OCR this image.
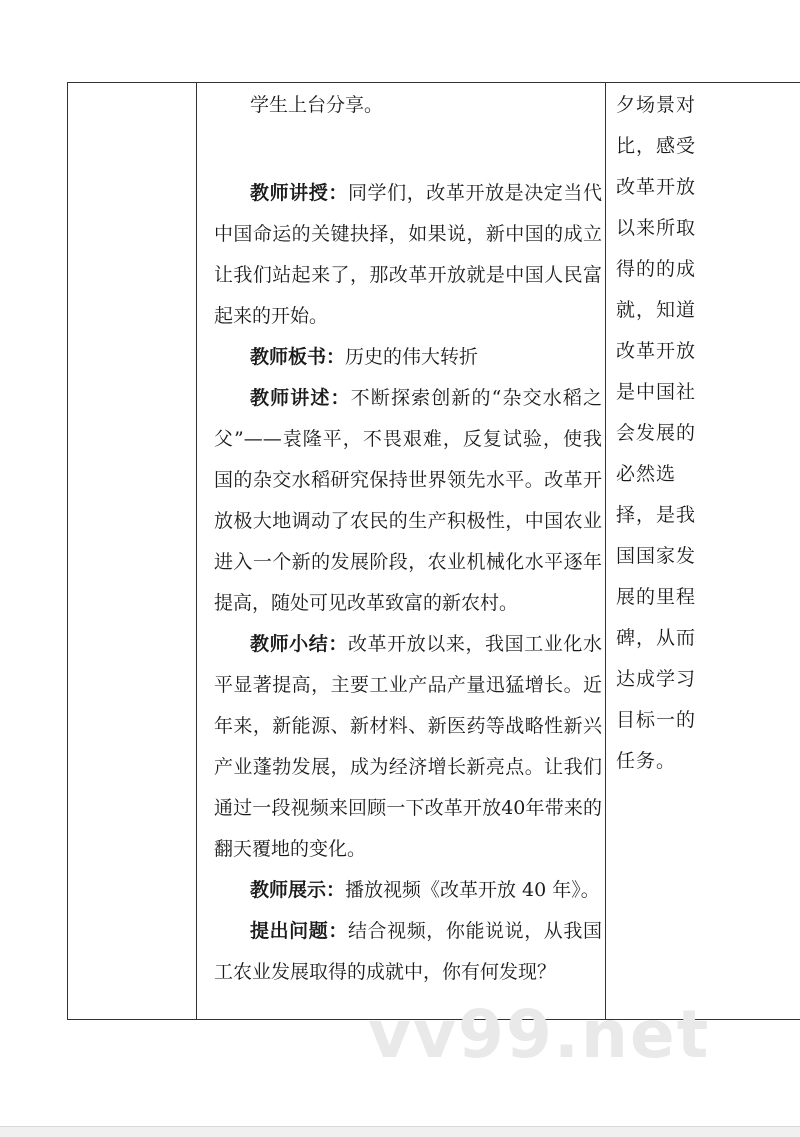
学生上台分享。

教师讲授：同学们，改革开放是决定当代中国命运的关键抉择，如果说，新中国的成立让我们站起来了，那改革开放就是中国人民富起来的开始。

教师板书：历史的伟大转折

教师讲述：不断探索创新的“杂交水稻之父”——袁隆平，不畏艰难，反复试验，使我国的杂交水稻研究保持世界领先水平。改革开放极大地调动了农民的生产积极性，中国农业进入一个新的发展阶段，农业机械化水平逐年提高，随处可见改革致富的新农村。

教师小结：改革开放以来，我国工业化水平显著提高，主要工业产品产量迅猛增长。近年来，新能源、新材料、新医药等战略性新兴产业蓬勃发展，成为经济增长新亮点。让我们通过一段视频来回顾一下改革开放40年带来的翻天覆地的变化。

教师展示：播放视频《改革开放 40 年》。

提出问题：结合视频，你能说说，从我国工农业发展取得的成就中，你有何发现？

夕场景对比，感受改革开放以来所取得的的成就，知道改革开放是中国社会发展的必然选择，是我国国家发展的里程碑，从而达成学习目标一的任务。

vv99.net
